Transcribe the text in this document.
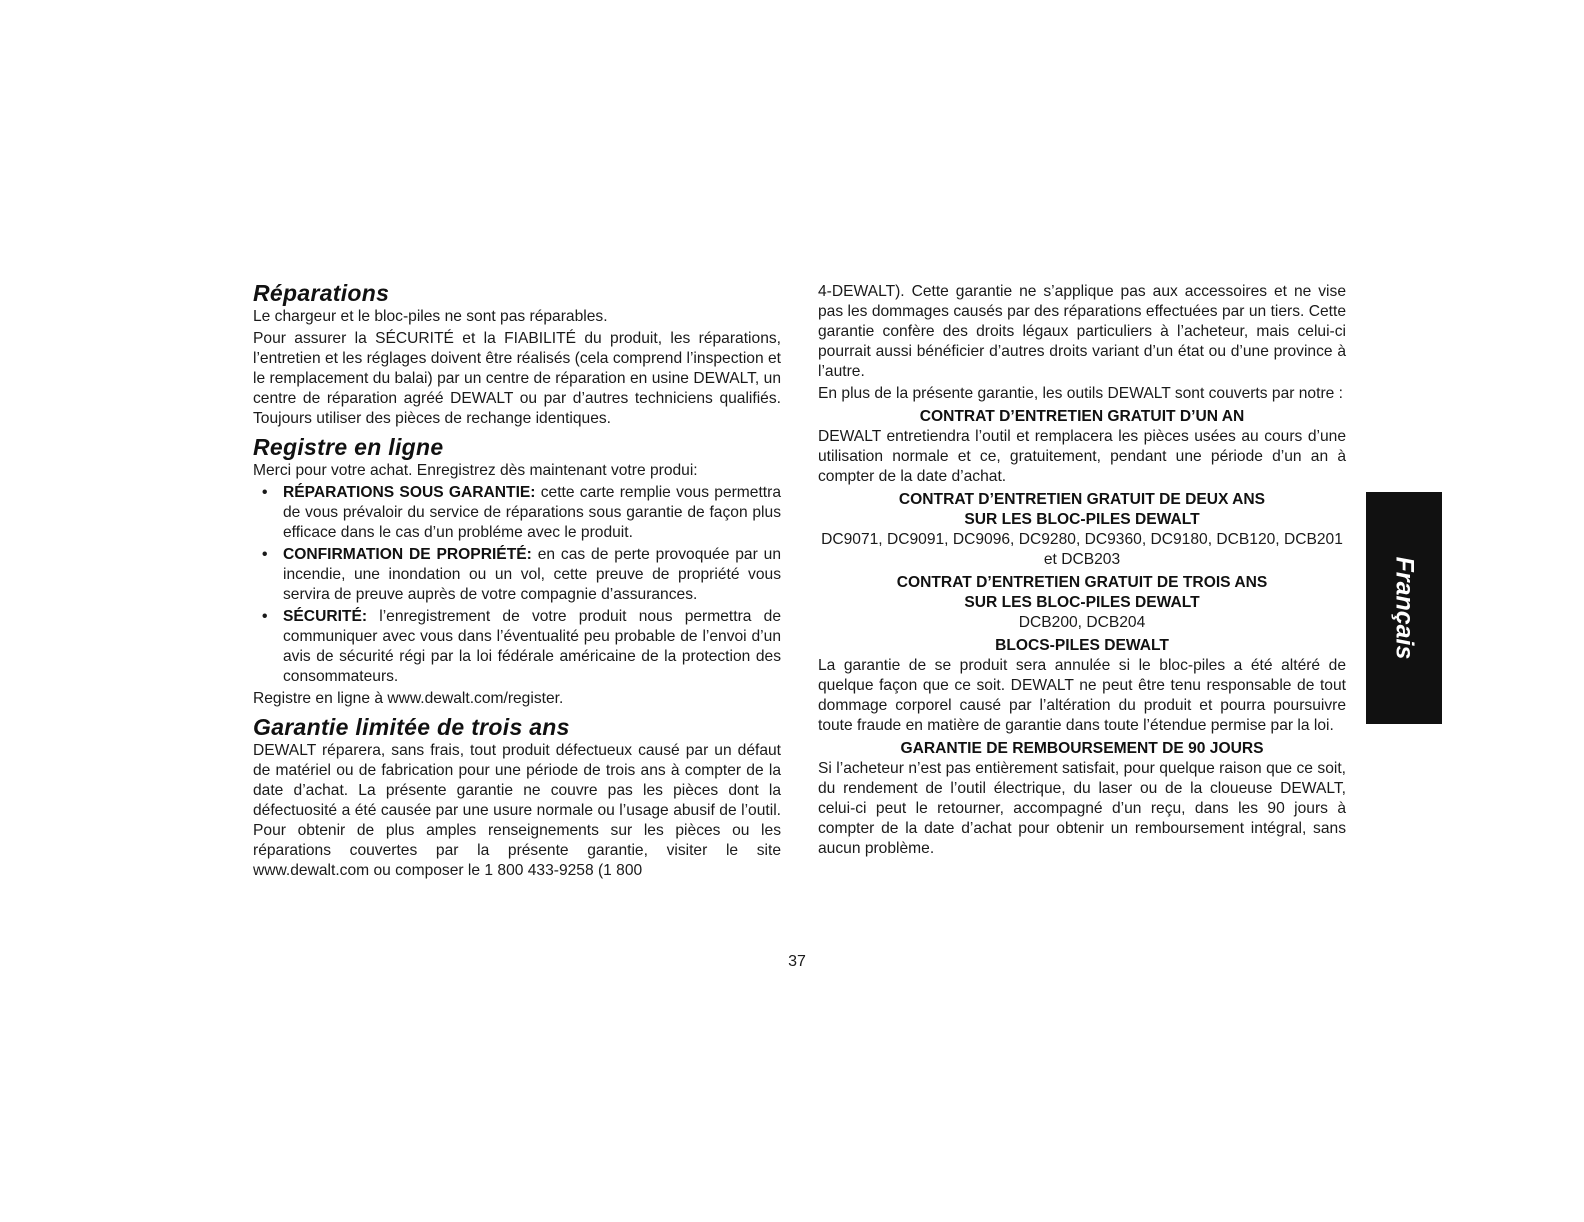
Réparations

Le chargeur et le bloc-piles ne sont pas réparables.

Pour assurer la SÉCURITÉ et la FIABILITÉ du produit, les réparations, l’entretien et les réglages doivent être réalisés (cela comprend l’inspection et le remplacement du balai) par un centre de réparation en usine DEWALT, un centre de réparation agréé DEWALT ou par d’autres techniciens qualifiés. Toujours utiliser des pièces de rechange identiques.

Registre en ligne

Merci pour votre achat. Enregistrez dès maintenant votre produi:

• RÉPARATIONS SOUS GARANTIE: cette carte remplie vous permettra de vous prévaloir du service de réparations sous garantie de façon plus efficace dans le cas d’un probléme avec le produit.
• CONFIRMATION DE PROPRIÉTÉ: en cas de perte provoquée par un incendie, une inondation ou un vol, cette preuve de propriété vous servira de preuve auprès de votre compagnie d’assurances.
• SÉCURITÉ: l’enregistrement de votre produit nous permettra de communiquer avec vous dans l’éventualité peu probable de l’envoi d’un avis de sécurité régi par la loi fédérale américaine de la protection des consommateurs.

Registre en ligne à www.dewalt.com/register.

Garantie limitée de trois ans

DEWALT réparera, sans frais, tout produit défectueux causé par un défaut de matériel ou de fabrication pour une période de trois ans à compter de la date d’achat. La présente garantie ne couvre pas les pièces dont la défectuosité a été causée par une usure normale ou l’usage abusif de l’outil. Pour obtenir de plus amples renseignements sur les pièces ou les réparations couvertes par la présente garantie, visiter le site www.dewalt.com ou composer le 1 800 433-9258 (1 800

4-DEWALT). Cette garantie ne s’applique pas aux accessoires et ne vise pas les dommages causés par des réparations effectuées par un tiers. Cette garantie confère des droits légaux particuliers à l’acheteur, mais celui-ci pourrait aussi bénéficier d’autres droits variant d’un état ou d’une province à l’autre.

En plus de la présente garantie, les outils DEWALT sont couverts par notre :

CONTRAT D’ENTRETIEN GRATUIT D’UN AN

DEWALT entretiendra l’outil et remplacera les pièces usées au cours d’une utilisation normale et ce, gratuitement, pendant une période d’un an à compter de la date d’achat.

CONTRAT D’ENTRETIEN GRATUIT DE DEUX ANS
SUR LES BLOC-PILES DEWALT

DC9071, DC9091, DC9096, DC9280, DC9360, DC9180, DCB120, DCB201 et DCB203

CONTRAT D’ENTRETIEN GRATUIT DE TROIS ANS
SUR LES BLOC-PILES DEWALT

DCB200, DCB204

BLOCS-PILES DEWALT

La garantie de se produit sera annulée si le bloc-piles a été altéré de quelque façon que ce soit. DEWALT ne peut être tenu responsable de tout dommage corporel causé par l’altération du produit et pourra poursuivre toute fraude en matière de garantie dans toute l’étendue permise par la loi.

GARANTIE DE REMBOURSEMENT DE 90 JOURS

Si l’acheteur n’est pas entièrement satisfait, pour quelque raison que ce soit, du rendement de l’outil électrique, du laser ou de la cloueuse DEWALT, celui-ci peut le retourner, accompagné d’un reçu, dans les 90 jours à compter de la date d’achat pour obtenir un remboursement intégral, sans aucun problème.

37
Français
